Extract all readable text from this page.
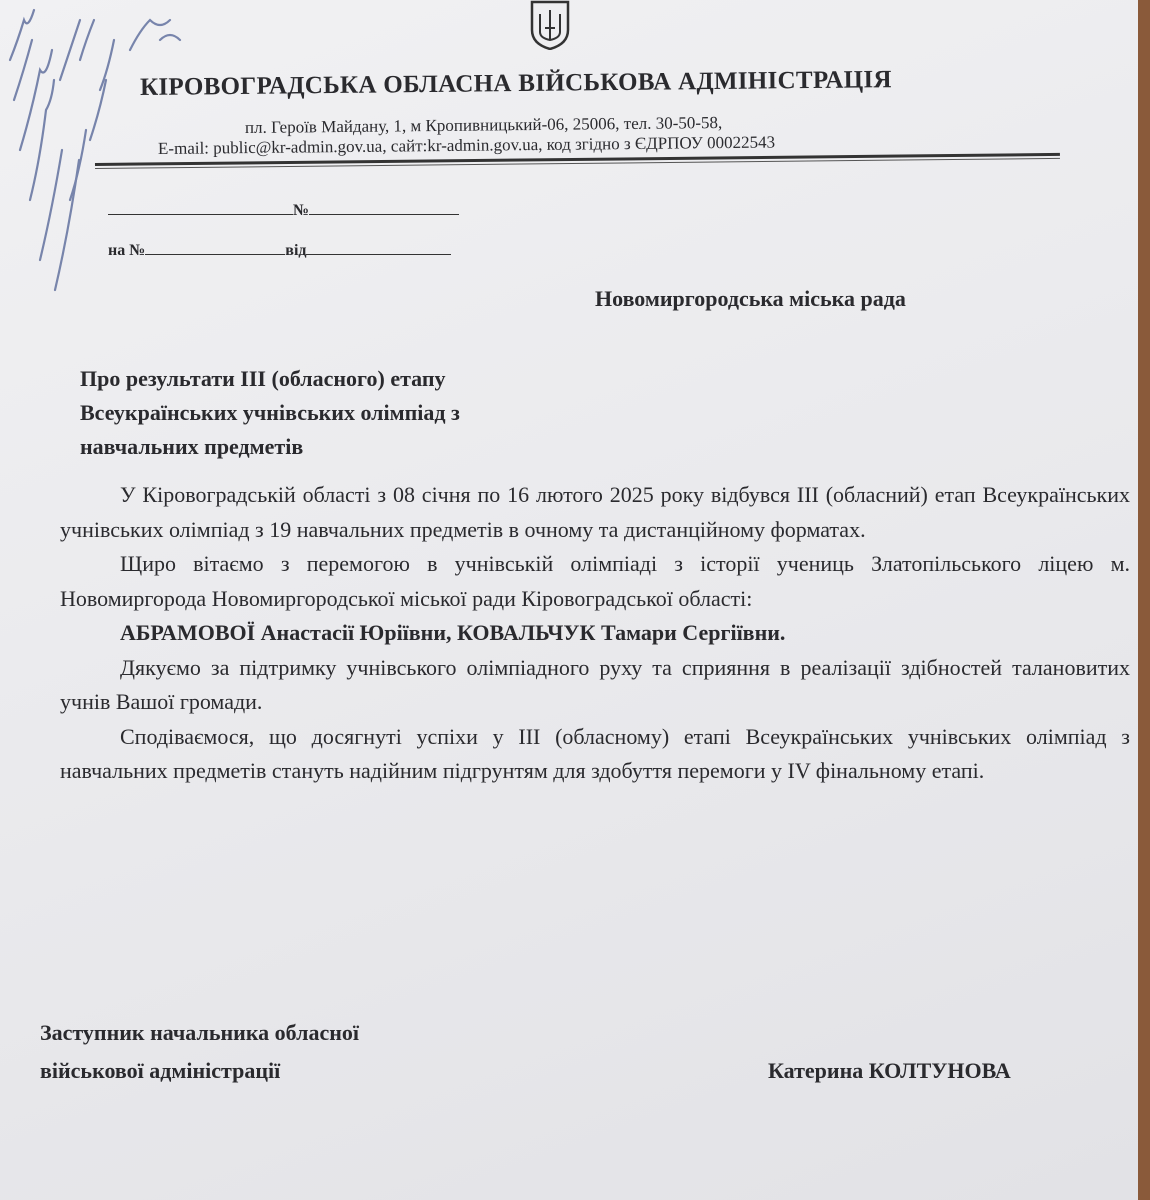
КІРОВОГРАДСЬКА ОБЛАСНА ВІЙСЬКОВА АДМІНІСТРАЦІЯ
пл. Героїв Майдану, 1, м Кропивницький-06, 25006, тел. 30-50-58,
E-mail: public@kr-admin.gov.ua, сайт:kr-admin.gov.ua, код згідно з ЄДРПОУ 00022543
№
на №	від
Новомиргородська міська рада
Про результати ІІІ (обласного) етапу
Всеукраїнських учнівських олімпіад з
навчальних предметів

У Кіровоградській області з 08 січня по 16 лютого 2025 року відбувся ІІІ (обласний) етап Всеукраїнських учнівських олімпіад з 19 навчальних предметів в очному та дистанційному форматах.

Щиро вітаємо з перемогою в учнівській олімпіаді з історії учениць Златопільського ліцею м. Новомиргорода Новомиргородської міської ради Кіровоградської області:

АБРАМОВОЇ Анастасії Юріївни, КОВАЛЬЧУК Тамари Сергіївни.

Дякуємо за підтримку учнівського олімпіадного руху та сприяння в реалізації здібностей талановитих учнів Вашої громади.

Сподіваємося, що досягнуті успіхи у ІІІ (обласному) етапі Всеукраїнських учнівських олімпіад з навчальних предметів стануть надійним підгрунтям для здобуття перемоги у IV фінальному етапі.

Заступник начальника обласної
військової адміністрації	Катерина КОЛТУНОВА
